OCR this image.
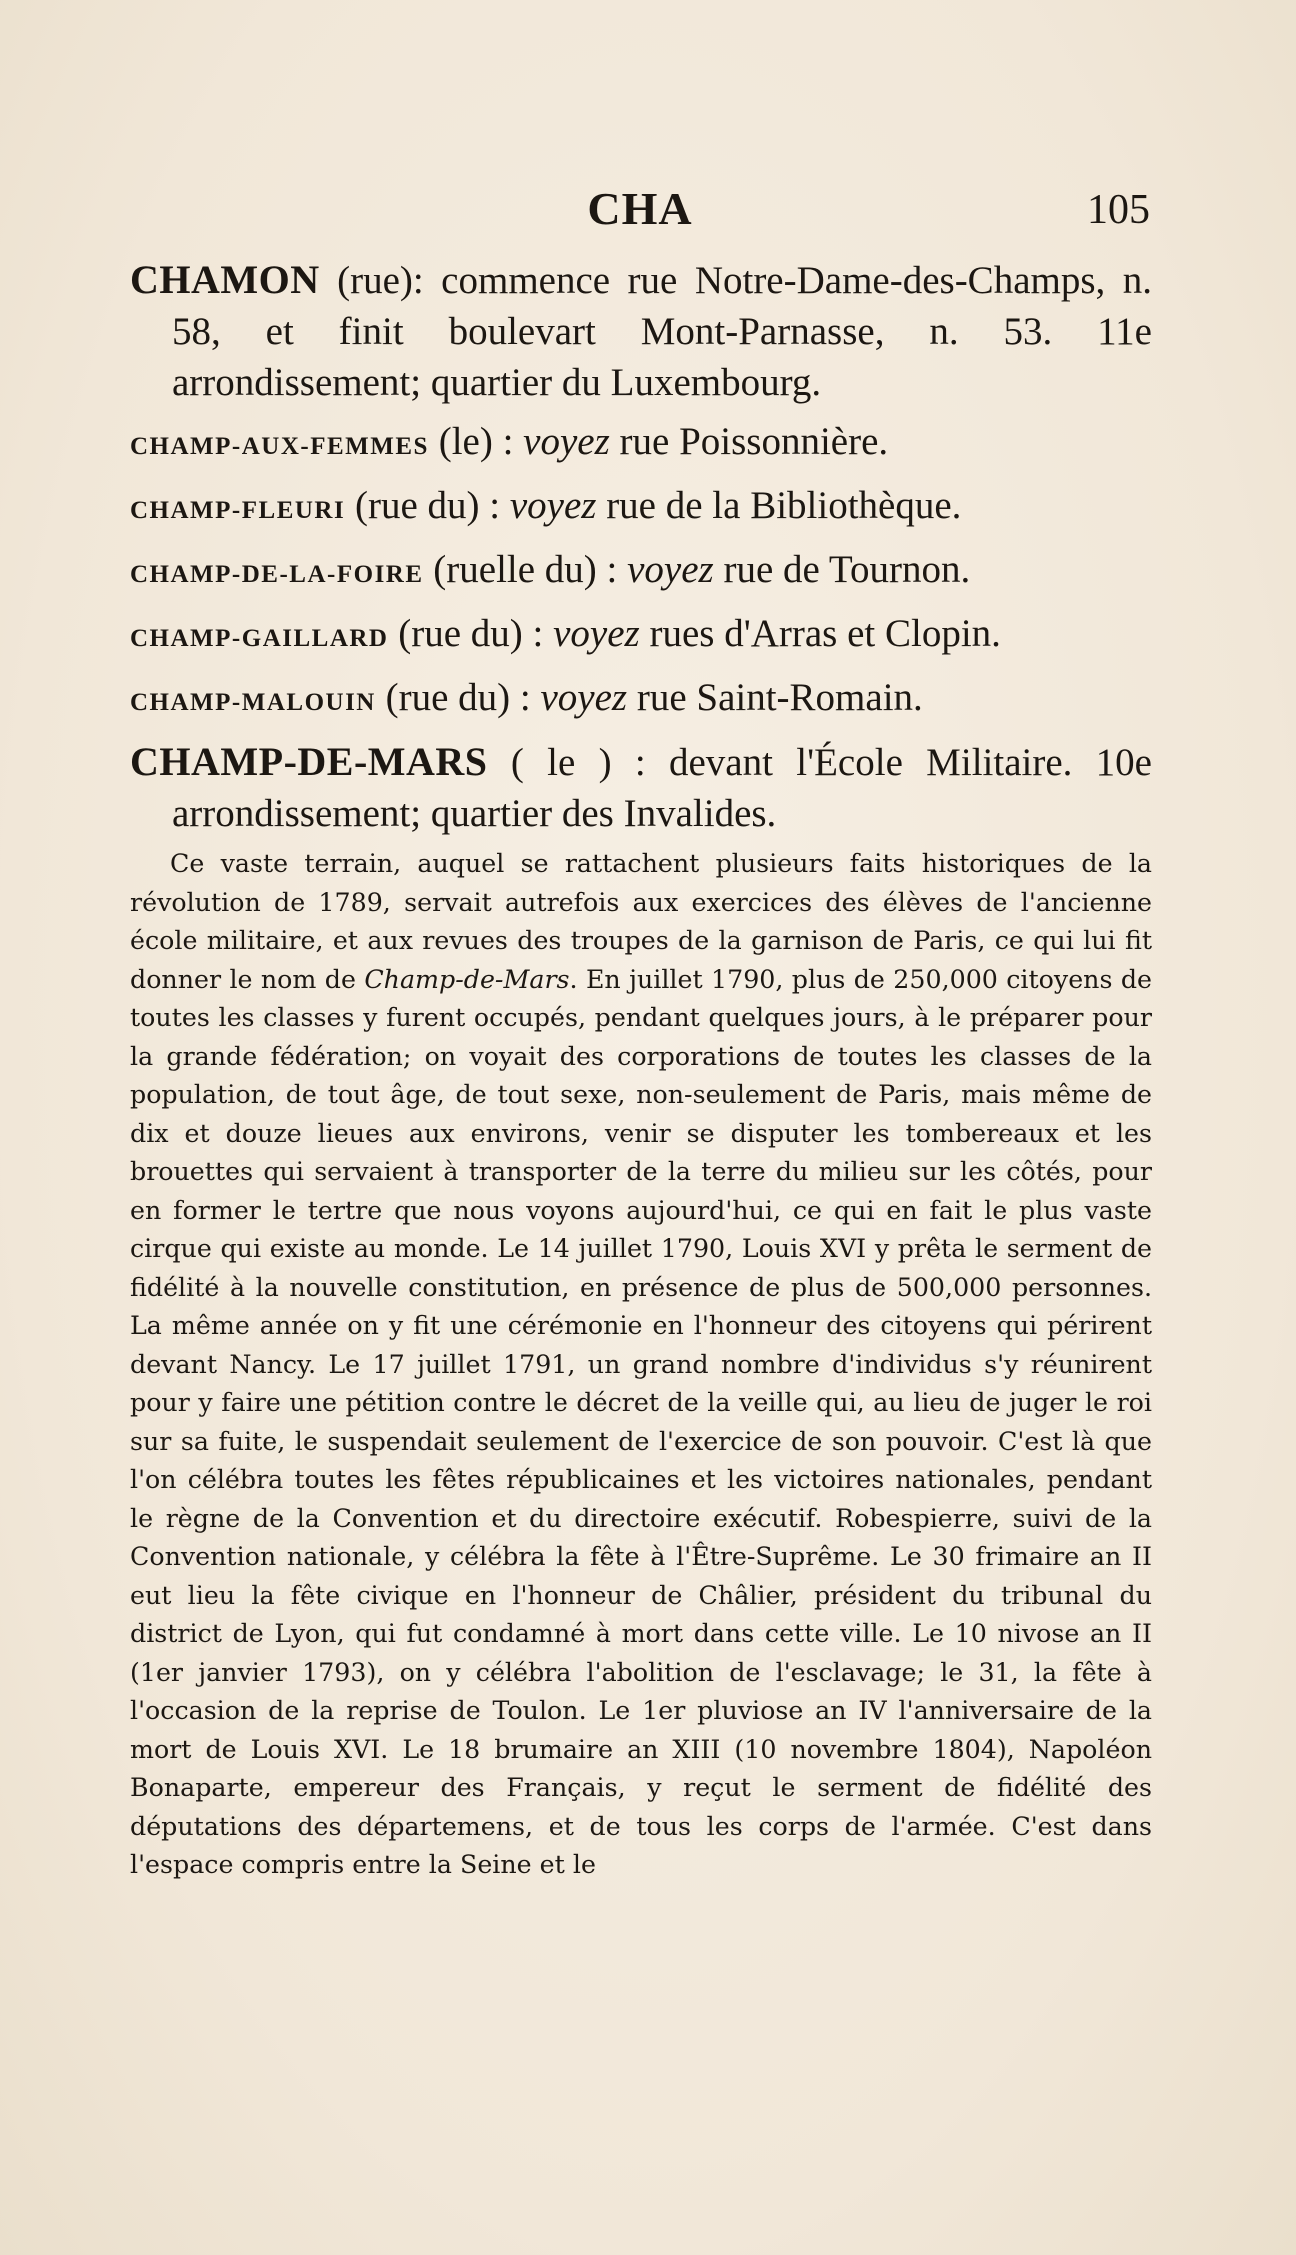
CHA	105

CHAMON (rue): commence rue Notre-Dame-des-Champs, n. 58, et finit boulevart Mont-Parnasse, n. 53. 11e arrondissement; quartier du Luxembourg.

CHAMP-AUX-FEMMES (le) : voyez rue Poissonnière.

CHAMP-FLEURI (rue du) : voyez rue de la Bibliothèque.

CHAMP-DE-LA-FOIRE (ruelle du) : voyez rue de Tournon.

CHAMP-GAILLARD (rue du) : voyez rues d'Arras et Clopin.

CHAMP-MALOUIN (rue du) : voyez rue Saint-Romain.

CHAMP-DE-MARS ( le ) : devant l'École Militaire. 10e arrondissement; quartier des Invalides.

Ce vaste terrain, auquel se rattachent plusieurs faits historiques de la révolution de 1789, servait autrefois aux exercices des élèves de l'ancienne école militaire, et aux revues des troupes de la garnison de Paris, ce qui lui fit donner le nom de Champ-de-Mars. En juillet 1790, plus de 250,000 citoyens de toutes les classes y furent occupés, pendant quelques jours, à le préparer pour la grande fédération; on voyait des corporations de toutes les classes de la population, de tout âge, de tout sexe, non-seulement de Paris, mais même de dix et douze lieues aux environs, venir se disputer les tombereaux et les brouettes qui servaient à transporter de la terre du milieu sur les côtés, pour en former le tertre que nous voyons aujourd'hui, ce qui en fait le plus vaste cirque qui existe au monde. Le 14 juillet 1790, Louis XVI y prêta le serment de fidélité à la nouvelle constitution, en présence de plus de 500,000 personnes. La même année on y fit une cérémonie en l'honneur des citoyens qui périrent devant Nancy. Le 17 juillet 1791, un grand nombre d'individus s'y réunirent pour y faire une pétition contre le décret de la veille qui, au lieu de juger le roi sur sa fuite, le suspendait seulement de l'exercice de son pouvoir. C'est là que l'on célébra toutes les fêtes républicaines et les victoires nationales, pendant le règne de la Convention et du directoire exécutif. Robespierre, suivi de la Convention nationale, y célébra la fête à l'Être-Suprême. Le 30 frimaire an II eut lieu la fête civique en l'honneur de Châlier, président du tribunal du district de Lyon, qui fut condamné à mort dans cette ville. Le 10 nivose an II (1er janvier 1793), on y célébra l'abolition de l'esclavage; le 31, la fête à l'occasion de la reprise de Toulon. Le 1er pluviose an IV l'anniversaire de la mort de Louis XVI. Le 18 brumaire an XIII (10 novembre 1804), Napoléon Bonaparte, empereur des Français, y reçut le serment de fidélité des députations des départemens, et de tous les corps de l'armée. C'est dans l'espace compris entre la Seine et le
